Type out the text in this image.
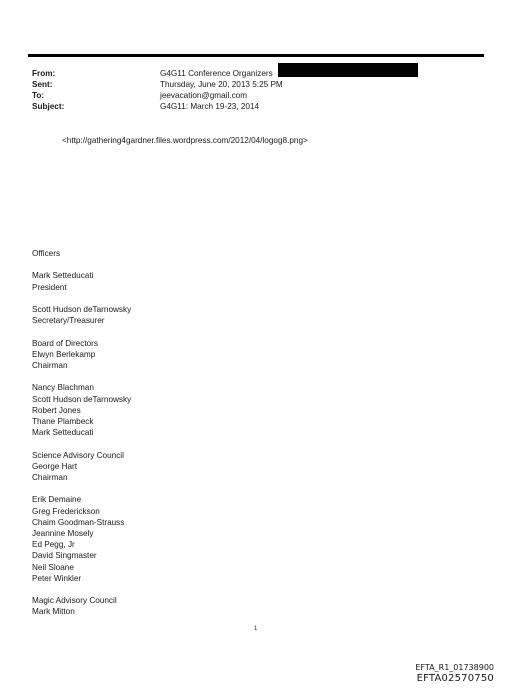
From:	G4G11 Conference Organizers
Sent:	Thursday, June 20, 2013 5:25 PM
To:	jeevacation@gmail.com
Subject:	G4G11: March 19-23, 2014
<http://gathering4gardner.files.wordpress.com/2012/04/logog8.png>
Officers
Mark Setteducati
President
Scott Hudson deTarnowsky
Secretary/Treasurer
Board of Directors
Elwyn Berlekamp
Chairman
Nancy Blachman
Scott Hudson deTarnowsky
Robert Jones
Thane Plambeck
Mark Setteducati
Science Advisory Council
George Hart
Chairman
Erik Demaine
Greg Frederickson
Chaim Goodman-Strauss
Jeannine Mosely
Ed Pegg, Jr
David Singmaster
Neil Sloane
Peter Winkler
Magic Advisory Council
Mark Mitton
1
EFTA_R1_01738900
EFTA02570750
